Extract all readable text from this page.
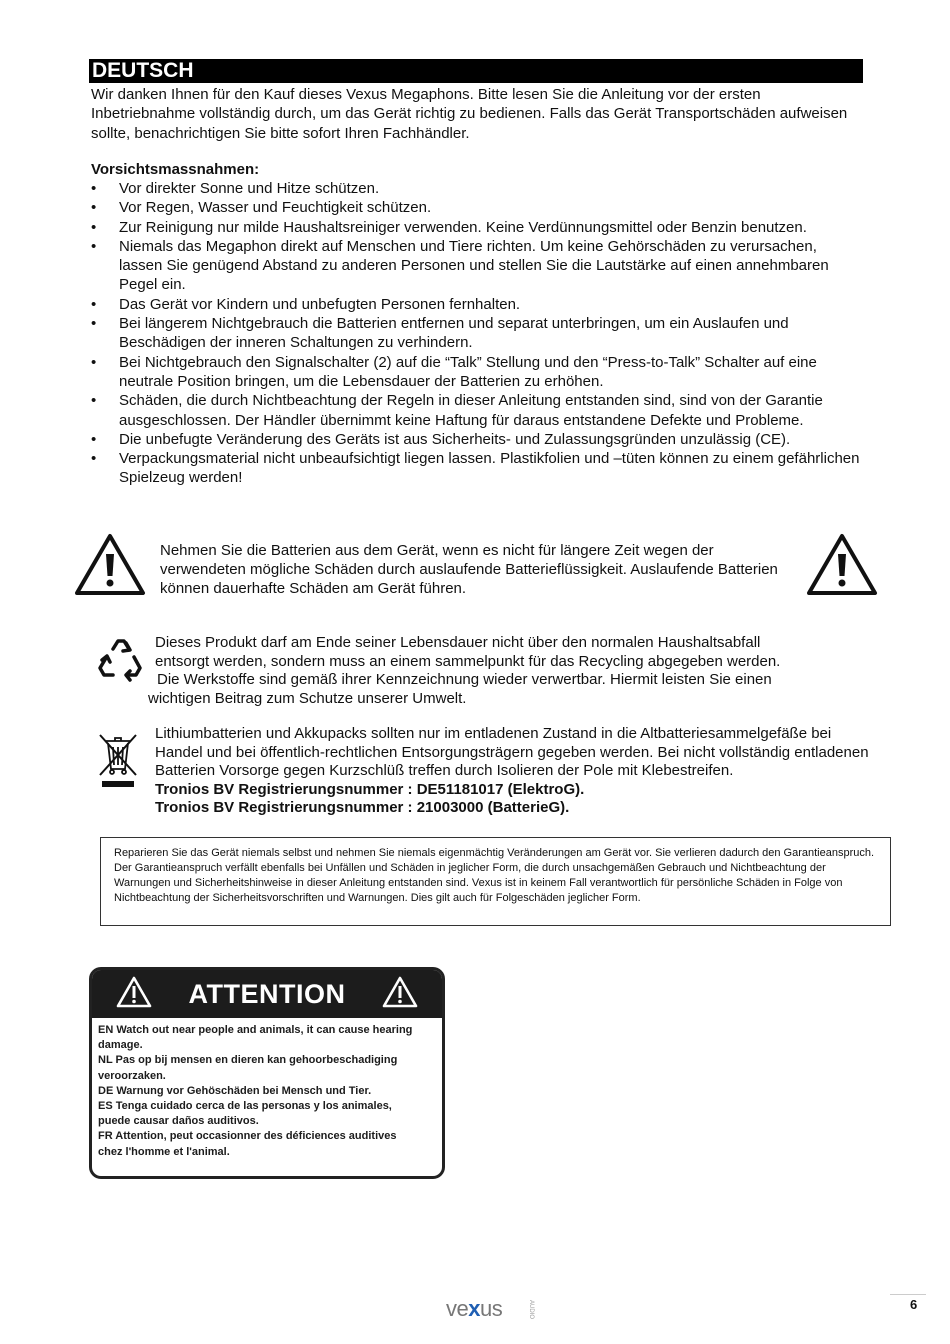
DEUTSCH

Wir danken Ihnen für den Kauf dieses Vexus Megaphons. Bitte lesen Sie die Anleitung vor der ersten Inbetriebnahme vollständig durch, um das Gerät richtig zu bedienen. Falls das Gerät Transportschäden aufweisen sollte, benachrichtigen Sie bitte sofort Ihren Fachhändler.

Vorsichtsmassnahmen:

• Vor direkter Sonne und Hitze schützen.
• Vor Regen, Wasser und Feuchtigkeit schützen.
• Zur Reinigung nur milde Haushaltsreiniger verwenden. Keine Verdünnungsmittel oder Benzin benutzen.
• Niemals das Megaphon direkt auf Menschen und Tiere richten. Um keine Gehörschäden zu verursachen, lassen Sie genügend Abstand zu anderen Personen und stellen Sie die Lautstärke auf einen annehmbaren Pegel ein.
• Das Gerät vor Kindern und unbefugten Personen fernhalten.
• Bei längerem Nichtgebrauch die Batterien entfernen und separat unterbringen, um ein Auslaufen und Beschädigen der inneren Schaltungen zu verhindern.
• Bei Nichtgebrauch den Signalschalter (2) auf die “Talk” Stellung und den “Press-to-Talk” Schalter auf eine neutrale Position bringen, um die Lebensdauer der Batterien zu erhöhen.
• Schäden, die durch Nichtbeachtung der Regeln in dieser Anleitung entstanden sind, sind von der Garantie ausgeschlossen. Der Händler übernimmt keine Haftung für daraus entstandene Defekte und Probleme.
• Die unbefugte Veränderung des Geräts ist aus Sicherheits- und Zulassungsgründen unzulässig (CE).
• Verpackungsmaterial nicht unbeaufsichtigt liegen lassen. Plastikfolien und –tüten können zu einem gefährlichen Spielzeug werden!

Nehmen Sie die Batterien aus dem Gerät, wenn es nicht für längere Zeit wegen der verwendeten mögliche Schäden durch auslaufende Batterieflüssigkeit. Auslaufende Batterien können dauerhafte Schäden am Gerät führen.

Dieses Produkt darf am Ende seiner Lebensdauer nicht über den normalen Haushaltsabfall
entsorgt werden, sondern muss an einem sammelpunkt für das Recycling abgegeben werden.
Die Werkstoffe sind gemäß ihrer Kennzeichnung wieder verwertbar. Hiermit leisten Sie einen
wichtigen Beitrag zum Schutze unserer Umwelt.
Lithiumbatterien und Akkupacks sollten nur im entladenen Zustand in die Altbatteriesammelgefäße bei Handel und bei öffentlich-rechtlichen Entsorgungsträgern gegeben werden. Bei nicht vollständig entladenen Batterien Vorsorge gegen Kurzschlüß treffen durch Isolieren der Pole mit Klebestreifen.
Tronios BV Registrierungsnummer : DE51181017 (ElektroG).
Tronios BV Registrierungsnummer : 21003000 (BatterieG).
Reparieren Sie das Gerät niemals selbst und nehmen Sie niemals eigenmächtig Veränderungen am Gerät vor. Sie verlieren dadurch den Garantieanspruch. Der Garantieanspruch verfällt ebenfalls bei Unfällen und Schäden in jeglicher Form, die durch unsachgemäßen Gebrauch und Nichtbeachtung der Warnungen und Sicherheitshinweise in dieser Anleitung entstanden sind. Vexus ist in keinem Fall verantwortlich für persönliche Schäden in Folge von Nichtbeachtung der Sicherheitsvorschriften und Warnungen. Dies gilt auch für Folgeschäden jeglicher Form.
ATTENTION
EN Watch out near people and animals, it can cause hearing
damage.
NL Pas op bij mensen en dieren kan gehoorbeschadiging
veroorzaken.
DE Warnung vor Gehöschäden bei Mensch und Tier.
ES Tenga cuidado cerca de las personas y los animales,
puede causar daños auditivos.
FR Attention, peut occasionner des déficiences auditives
chez l'homme et l'animal.
vexus	AUDIO	6
